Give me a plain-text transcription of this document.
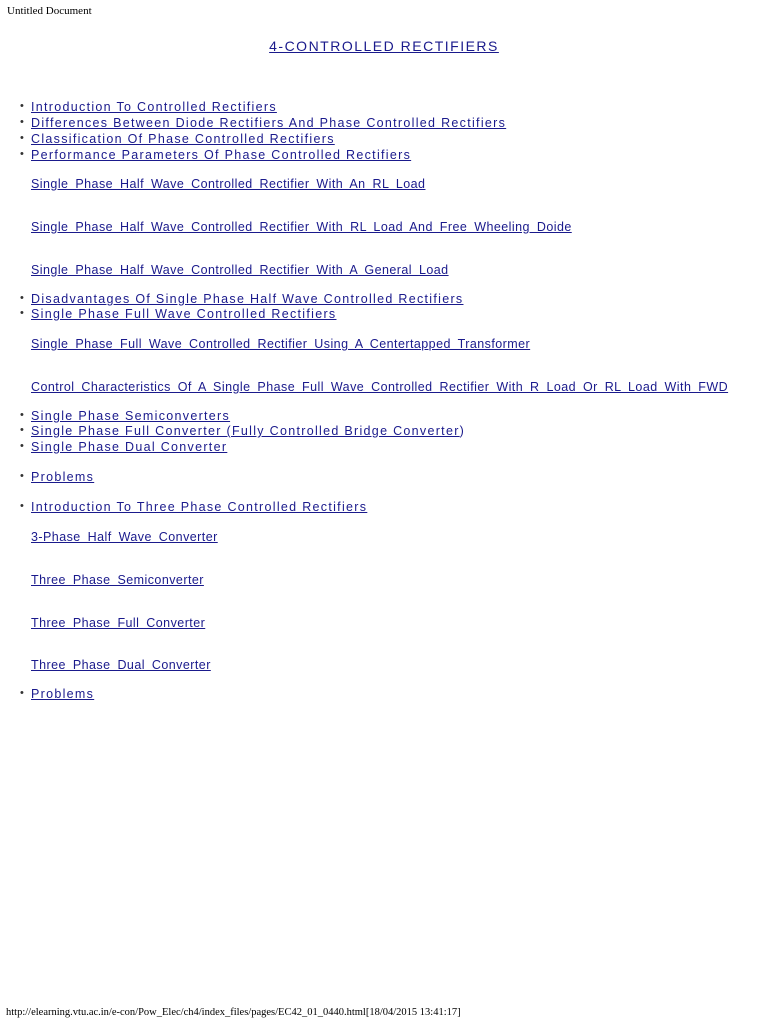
Untitled Document
4-CONTROLLED RECTIFIERS
• Introduction To Controlled Rectifiers
• Differences Between Diode Rectifiers And Phase Controlled Rectifiers
• Classification Of Phase Controlled Rectifiers
• Performance Parameters Of Phase Controlled Rectifiers
Single Phase Half Wave Controlled Rectifier With An RL Load
Single Phase Half Wave Controlled Rectifier With RL Load And Free Wheeling Doide
Single Phase Half Wave Controlled Rectifier With A General Load
• Disadvantages Of Single Phase Half Wave Controlled Rectifiers
• Single Phase Full Wave Controlled Rectifiers
Single Phase Full Wave Controlled Rectifier Using A Centertapped Transformer
Control Characteristics Of A Single Phase Full Wave Controlled Rectifier With R Load Or RL Load With FWD
• Single Phase Semiconverters
• Single Phase Full Converter (Fully Controlled Bridge Converter)
• Single Phase Dual Converter
• Problems
• Introduction To Three Phase Controlled Rectifiers
3-Phase Half Wave Converter
Three Phase Semiconverter
Three Phase Full Converter
Three Phase Dual Converter
• Problems
http://elearning.vtu.ac.in/e-con/Pow_Elec/ch4/index_files/pages/EC42_01_0440.html[18/04/2015 13:41:17]
